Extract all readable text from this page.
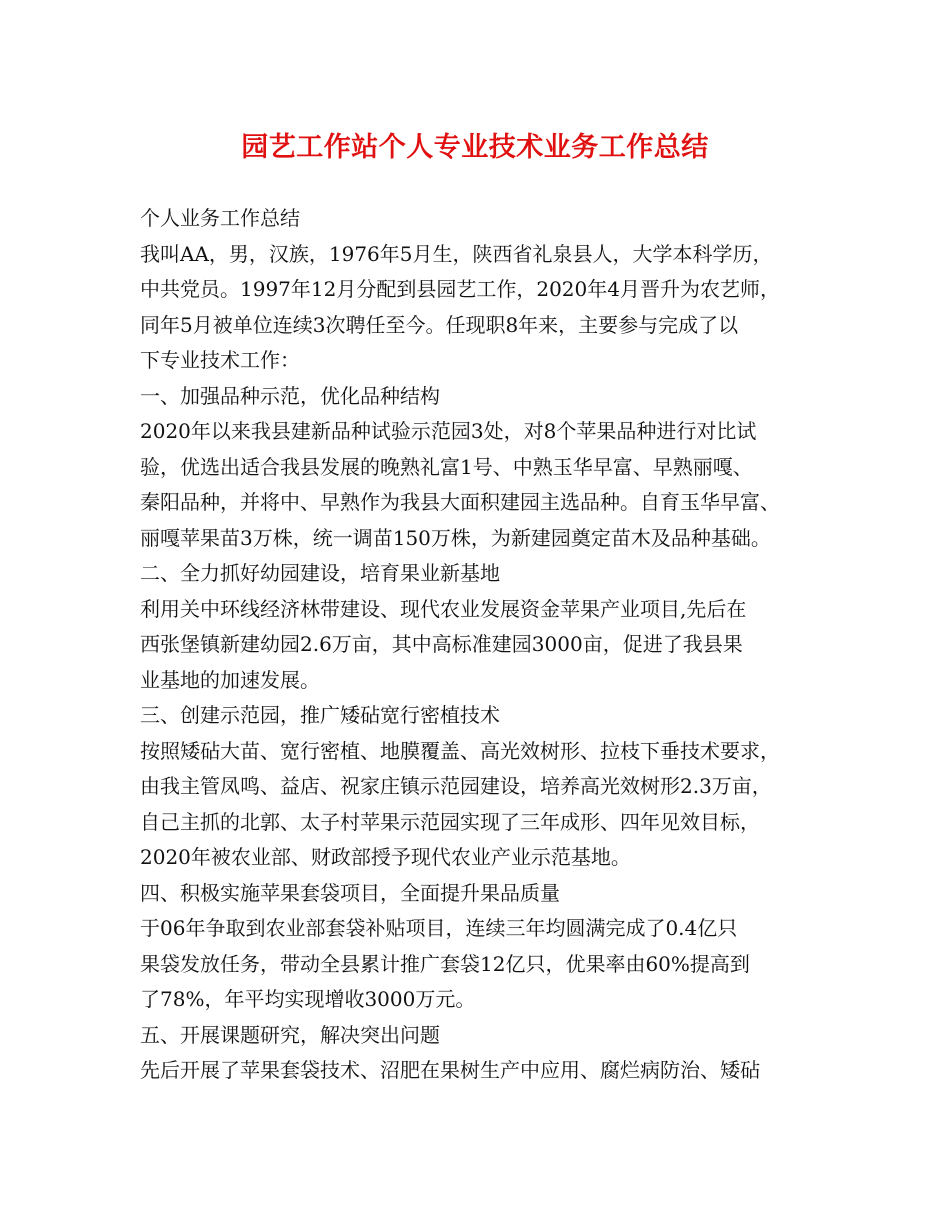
园艺工作站个人专业技术业务工作总结
个人业务工作总结
我叫AA，男，汉族，1976年5月生，陕西省礼泉县人，大学本科学历，
中共党员。1997年12月分配到县园艺工作，2020年4月晋升为农艺师，
同年5月被单位连续3次聘任至今。任现职8年来，主要参与完成了以
下专业技术工作：
一、加强品种示范，优化品种结构
2020年以来我县建新品种试验示范园3处，对8个苹果品种进行对比试
验，优选出适合我县发展的晚熟礼富1号、中熟玉华早富、早熟丽嘎、
秦阳品种，并将中、早熟作为我县大面积建园主选品种。自育玉华早富、
丽嘎苹果苗3万株，统一调苗150万株，为新建园奠定苗木及品种基础。
二、全力抓好幼园建设，培育果业新基地
利用关中环线经济林带建设、现代农业发展资金苹果产业项目,先后在
西张堡镇新建幼园2.6万亩，其中高标准建园3000亩，促进了我县果
业基地的加速发展。
三、创建示范园，推广矮砧宽行密植技术
按照矮砧大苗、宽行密植、地膜覆盖、高光效树形、拉枝下垂技术要求，
由我主管凤鸣、益店、祝家庄镇示范园建设，培养高光效树形2.3万亩，
自己主抓的北郭、太子村苹果示范园实现了三年成形、四年见效目标，
2020年被农业部、财政部授予现代农业产业示范基地。
四、积极实施苹果套袋项目，全面提升果品质量
于06年争取到农业部套袋补贴项目，连续三年均圆满完成了0.4亿只
果袋发放任务，带动全县累计推广套袋12亿只，优果率由60%提高到
了78%，年平均实现增收3000万元。
五、开展课题研究，解决突出问题
先后开展了苹果套袋技术、沼肥在果树生产中应用、腐烂病防治、矮砧
